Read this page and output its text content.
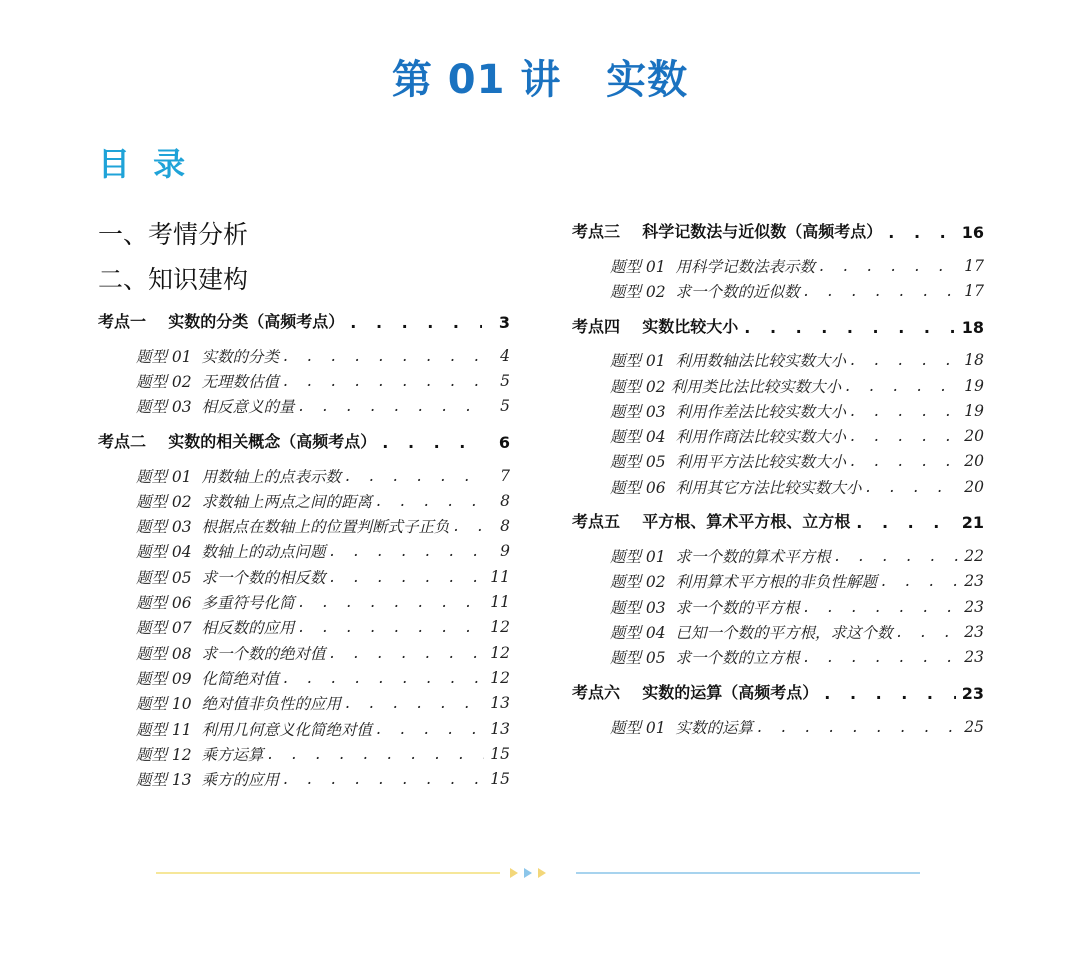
第 01 讲   实数
目 录
一、考情分析
二、知识建构
考点一    实数的分类（高频考点） . . .	3
题型 01  实数的分类 . . .	4
题型 02  无理数估值 . . .	5
题型 03  相反意义的量 . . .	5
考点二    实数的相关概念（高频考点） . . .	6
题型 01  用数轴上的点表示数 . . .	7
题型 02  求数轴上两点之间的距离 . . .	8
题型 03  根据点在数轴上的位置判断式子正负 . . .	8
题型 04  数轴上的动点问题 . . .	9
题型 05  求一个数的相反数 . . .	11
题型 06  多重符号化简 . . .	11
题型 07  相反数的应用 . . .	12
题型 08  求一个数的绝对值 . . .	12
题型 09  化简绝对值 . . .	12
题型 10  绝对值非负性的应用 . . .	13
题型 11  利用几何意义化简绝对值 . . .	13
题型 12  乘方运算 . . .	15
题型 13  乘方的应用 . . .	15
考点三    科学记数法与近似数（高频考点） . . .	16
题型 01  用科学记数法表示数 . . .	17
题型 02  求一个数的近似数 . . .	17
考点四    实数比较大小 . . .	18
题型 01  利用数轴法比较实数大小 . . .	18
题型 02 利用类比法比较实数大小 . . .	19
题型 03  利用作差法比较实数大小 . . .	19
题型 04  利用作商法比较实数大小 . . .	20
题型 05  利用平方法比较实数大小 . . .	20
题型 06  利用其它方法比较实数大小 . . .	20
考点五    平方根、算术平方根、立方根 . . .	21
题型 01  求一个数的算术平方根 . . .	22
题型 02  利用算术平方根的非负性解题 . . .	23
题型 03  求一个数的平方根 . . .	23
题型 04  已知一个数的平方根，求这个数 . . .	23
题型 05  求一个数的立方根 . . .	23
考点六    实数的运算（高频考点） . . .	23
题型 01  实数的运算 . . .	25
